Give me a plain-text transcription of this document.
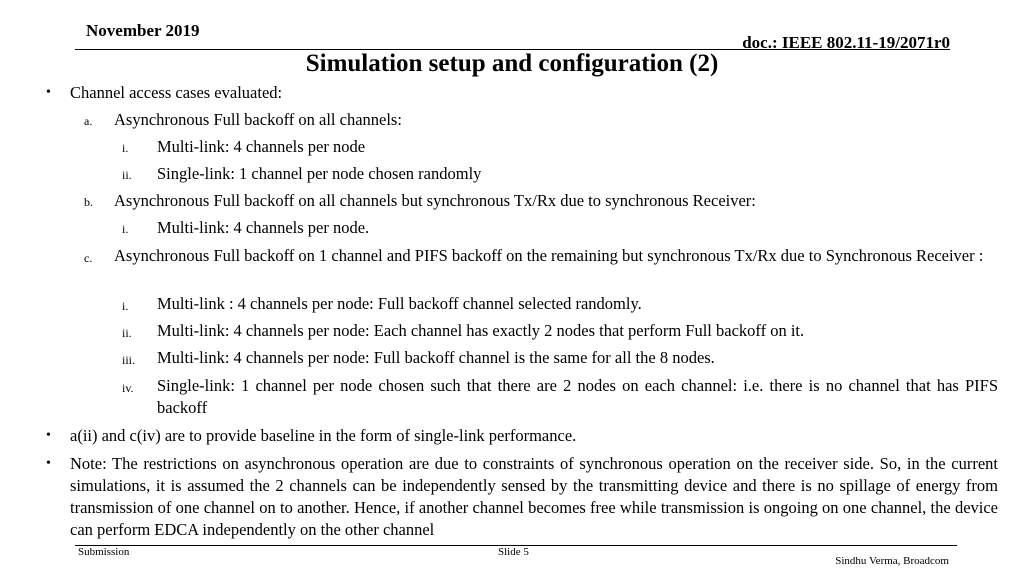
November 2019
doc.: IEEE 802.11-19/2071r0
Simulation setup and configuration (2)
• Channel access cases evaluated:
a. Asynchronous Full backoff on all channels:
i. Multi-link: 4 channels per node
ii. Single-link: 1 channel per node chosen randomly
b. Asynchronous Full backoff on all channels but synchronous Tx/Rx due to synchronous Receiver:
i. Multi-link: 4 channels per node.
c. Asynchronous Full backoff on 1 channel and PIFS backoff on the remaining but synchronous Tx/Rx due to Synchronous Receiver :
i. Multi-link : 4 channels per node: Full backoff channel selected randomly.
ii. Multi-link: 4 channels per node: Each channel has exactly 2 nodes that perform Full backoff on it.
iii. Multi-link: 4 channels per node: Full backoff channel is the same for all the 8 nodes.
iv. Single-link: 1 channel per node chosen such that there are 2 nodes on each channel: i.e. there is no channel that has PIFS backoff
• a(ii) and c(iv) are to provide baseline in the form of single-link performance.
• Note: The restrictions on asynchronous operation are due to constraints of synchronous operation on the receiver side. So, in the current simulations, it is assumed the 2 channels can be independently sensed by the transmitting device and there is no spillage of energy from transmission of one channel on to another. Hence, if another channel becomes free while transmission is ongoing on one channel, the device can perform EDCA independently on the other channel
Submission	Slide 5
Sindhu Verma, Broadcom
